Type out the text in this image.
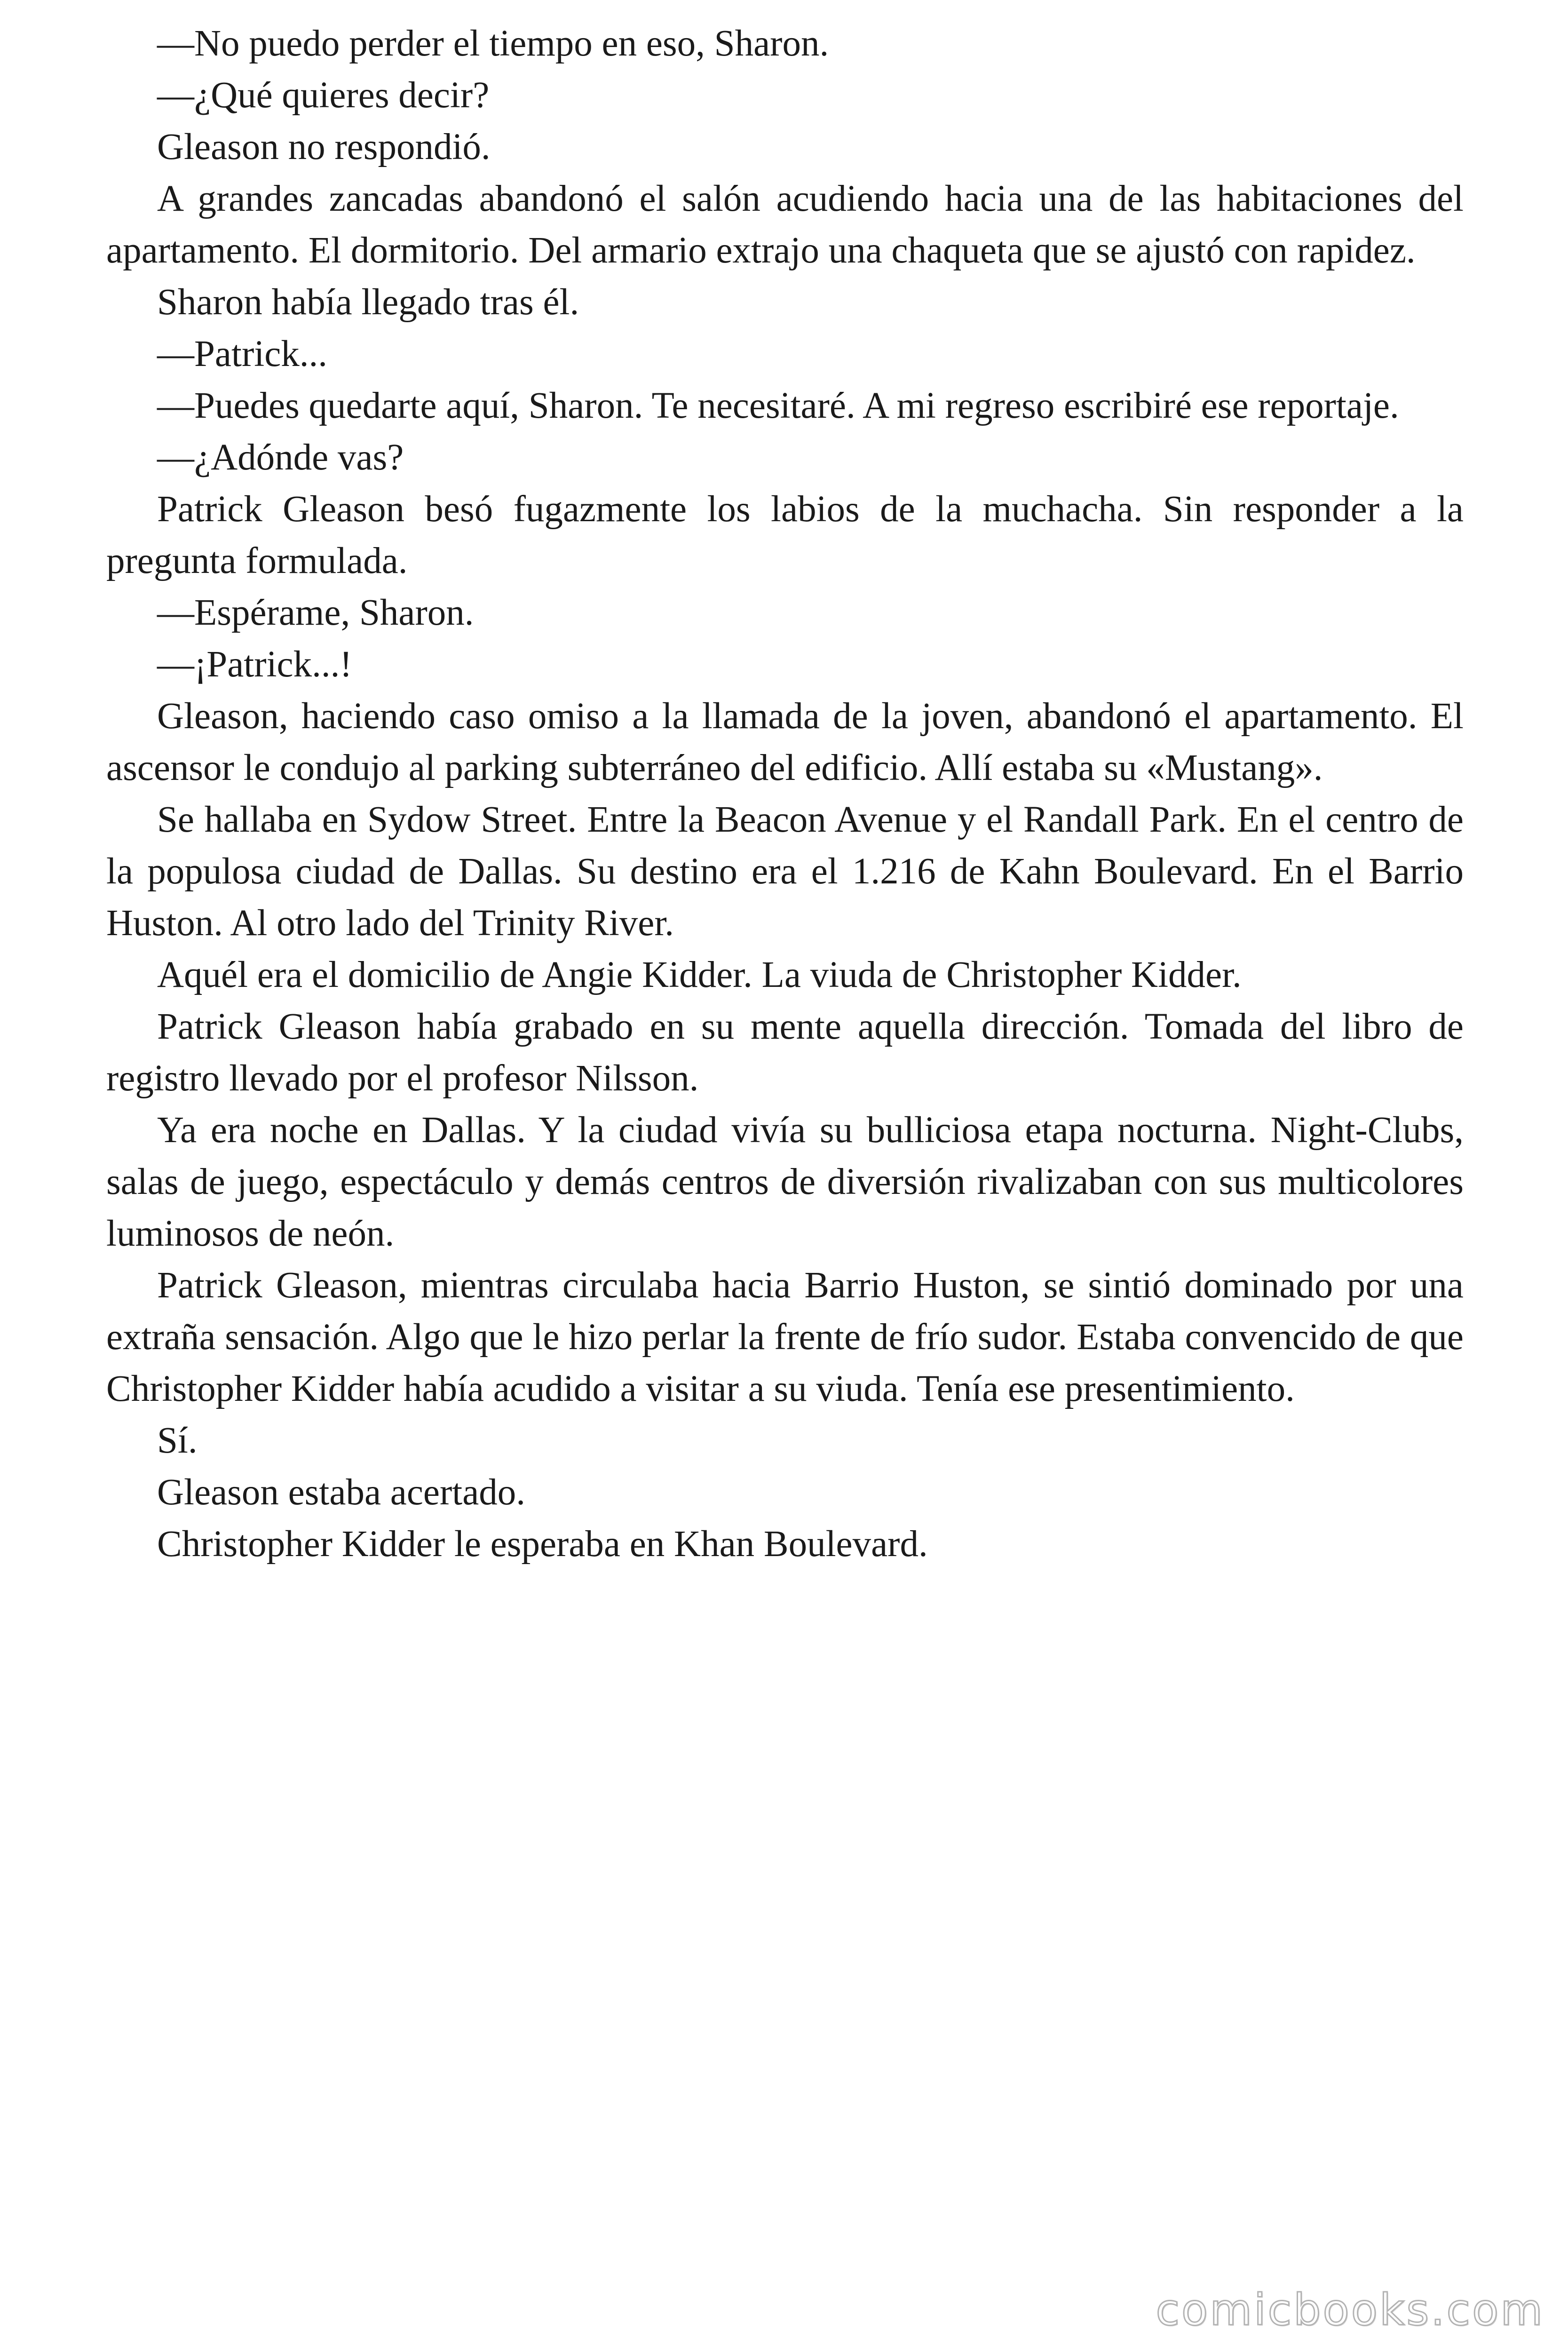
—No puedo perder el tiempo en eso, Sharon.

—¿Qué quieres decir?

Gleason no respondió.

A grandes zancadas abandonó el salón acudiendo hacia una de las habitaciones del apartamento. El dormitorio. Del armario extrajo una chaqueta que se ajustó con rapidez.

Sharon había llegado tras él.

—Patrick...

—Puedes quedarte aquí, Sharon. Te necesitaré. A mi regreso escribiré ese reportaje.

—¿Adónde vas?

Patrick Gleason besó fugazmente los labios de la muchacha. Sin responder a la pregunta formulada.

—Espérame, Sharon.

—¡Patrick...!

Gleason, haciendo caso omiso a la llamada de la joven, abandonó el apartamento. El ascensor le condujo al parking subterráneo del edificio. Allí estaba su «Mustang».

Se hallaba en Sydow Street. Entre la Beacon Avenue y el Randall Park. En el centro de la populosa ciudad de Dallas. Su destino era el 1.216 de Kahn Boulevard. En el Barrio Huston. Al otro lado del Trinity River.

Aquél era el domicilio de Angie Kidder. La viuda de Christopher Kidder.

Patrick Gleason había grabado en su mente aquella dirección. Tomada del libro de registro llevado por el profesor Nilsson.

Ya era noche en Dallas. Y la ciudad vivía su bulliciosa etapa nocturna. Night-Clubs, salas de juego, espectáculo y demás centros de diversión rivalizaban con sus multicolores luminosos de neón.

Patrick Gleason, mientras circulaba hacia Barrio Huston, se sintió dominado por una extraña sensación. Algo que le hizo perlar la frente de frío sudor. Estaba convencido de que Christopher Kidder había acudido a visitar a su viuda. Tenía ese presentimiento.

Sí.

Gleason estaba acertado.

Christopher Kidder le esperaba en Khan Boulevard.

comicbooks.com
